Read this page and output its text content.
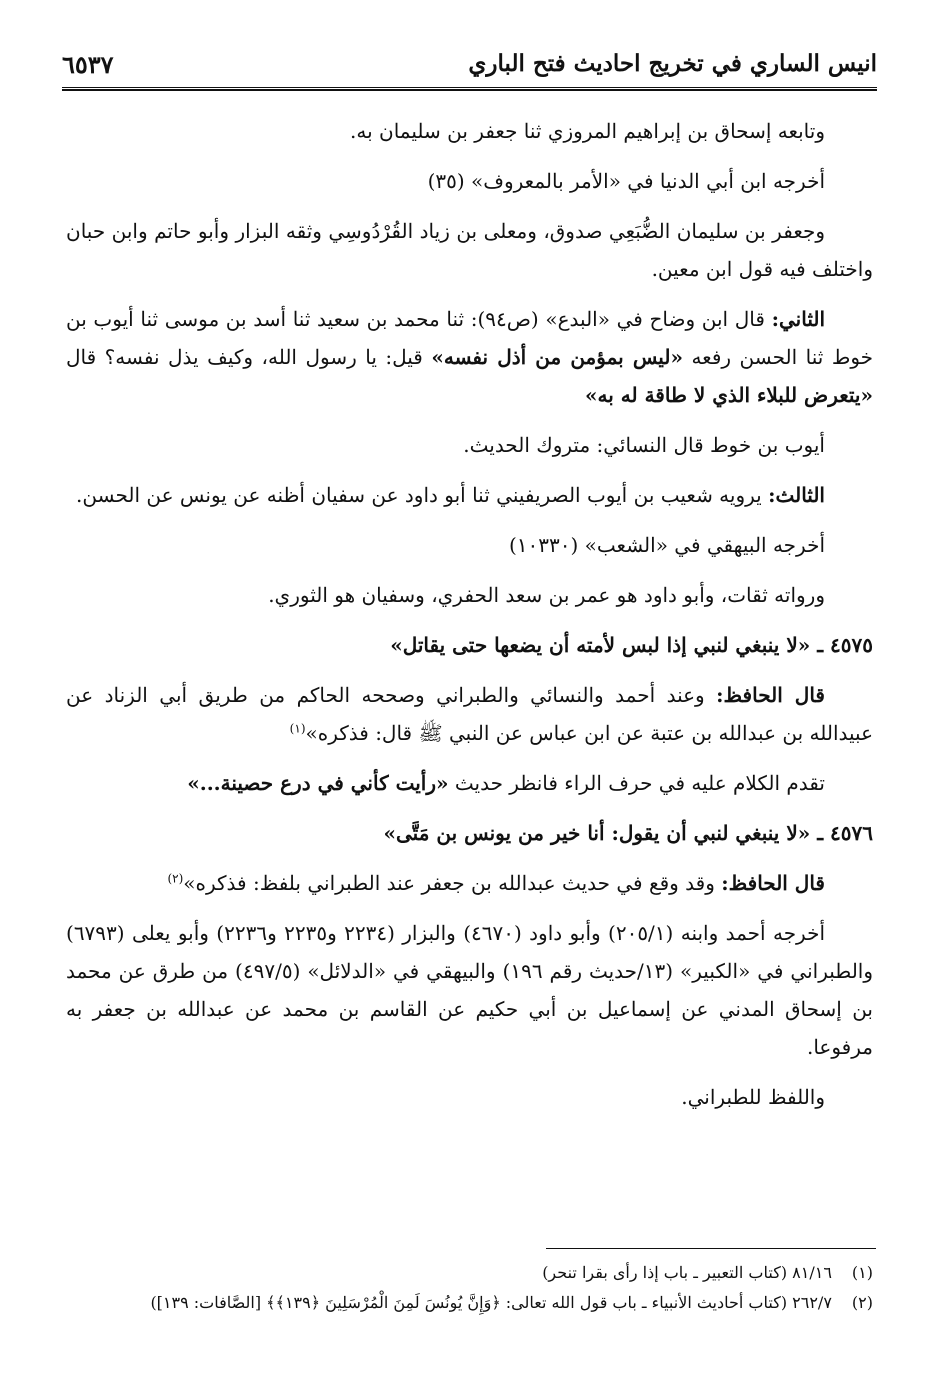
انيس الساري في تخريج احاديث فتح الباري
٦٥٣٧

وتابعه إسحاق بن إبراهيم المروزي ثنا جعفر بن سليمان به.

أخرجه ابن أبي الدنيا في «الأمر بالمعروف» (٣٥)

وجعفر بن سليمان الضُّبَعِي صدوق، ومعلى بن زياد القُرْدُوسِي وثقه البزار وأبو حاتم وابن حبان واختلف فيه قول ابن معين.

الثاني: قال ابن وضاح في «البدع» (ص٩٤): ثنا محمد بن سعيد ثنا أسد بن موسى ثنا أيوب بن خوط ثنا الحسن رفعه «ليس بمؤمن من أذل نفسه» قيل: يا رسول الله، وكيف يذل نفسه؟ قال «يتعرض للبلاء الذي لا طاقة له به»

أيوب بن خوط قال النسائي: متروك الحديث.

الثالث: يرويه شعيب بن أيوب الصريفيني ثنا أبو داود عن سفيان أظنه عن يونس عن الحسن.

أخرجه البيهقي في «الشعب» (١٠٣٣٠)

ورواته ثقات، وأبو داود هو عمر بن سعد الحفري، وسفيان هو الثوري.

٤٥٧٥ ـ «لا ينبغي لنبي إذا لبس لأمته أن يضعها حتى يقاتل»

قال الحافظ: وعند أحمد والنسائي والطبراني وصححه الحاكم من طريق أبي الزناد عن عبيدالله بن عبدالله بن عتبة عن ابن عباس عن النبي ﷺ قال: فذكره»$^{(١)}$

تقدم الكلام عليه في حرف الراء فانظر حديث «رأيت كأني في درع حصينة...»

٤٥٧٦ ـ «لا ينبغي لنبي أن يقول: أنا خير من يونس بن مَتَّى»

قال الحافظ: وقد وقع في حديث عبدالله بن جعفر عند الطبراني بلفظ: فذكره»$^{(٢)}$

أخرجه أحمد وابنه (٢٠٥/١) وأبو داود (٤٦٧٠) والبزار (٢٢٣٤ و٢٢٣٥ و٢٢٣٦) وأبو يعلى (٦٧٩٣) والطبراني في «الكبير» (١٣/حديث رقم ١٩٦) والبيهقي في «الدلائل» (٤٩٧/٥) من طرق عن محمد بن إسحاق المدني عن إسماعيل بن أبي حكيم عن القاسم بن محمد عن عبدالله بن جعفر به مرفوعا.

واللفظ للطبراني.

(١) ٨١/١٦ (كتاب التعبير ـ باب إذا رأى بقرا تنحر)

(٢) ٢٦٢/٧ (كتاب أحاديث الأنبياء ـ باب قول الله تعالى: ﴿وَإِنَّ يُونُسَ لَمِنَ الْمُرْسَلِينَ ﴿١٣٩﴾﴾ [الصَّافات: ١٣٩])
